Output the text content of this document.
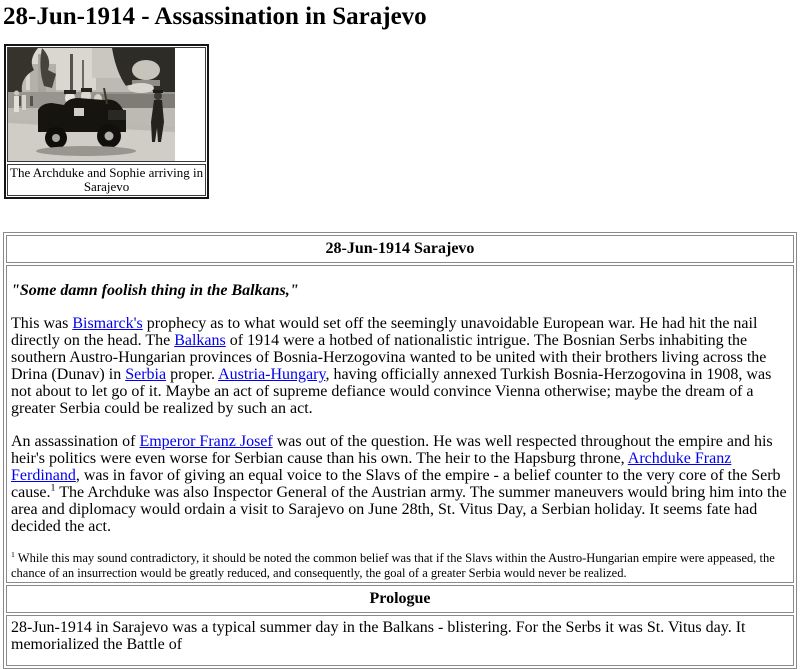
28-Jun-1914 - Assassination in Sarajevo
The Archduke and Sophie arriving in
Sarajevo
28-Jun-1914 Sarajevo

"Some damn foolish thing in the Balkans,"

This was Bismarck's prophecy as to what would set off the seemingly unavoidable European war. He had hit the nail directly on the head. The Balkans of 1914 were a hotbed of nationalistic intrigue. The Bosnian Serbs inhabiting the southern Austro-Hungarian provinces of Bosnia-Herzogovina wanted to be united with their brothers living across the Drina (Dunav) in Serbia proper. Austria-Hungary, having officially annexed Turkish Bosnia-Herzogovina in 1908, was not about to let go of it. Maybe an act of supreme defiance would convince Vienna otherwise; maybe the dream of a greater Serbia could be realized by such an act.

An assassination of Emperor Franz Josef was out of the question. He was well respected throughout the empire and his heir's politics were even worse for Serbian cause than his own. The heir to the Hapsburg throne, Archduke Franz Ferdinand, was in favor of giving an equal voice to the Slavs of the empire - a belief counter to the very core of the Serb cause.$^1$ The Archduke was also Inspector General of the Austrian army. The summer maneuvers would bring him into the area and diplomacy would ordain a visit to Sarajevo on June 28th, St. Vitus Day, a Serbian holiday. It seems fate had decided the act.

$^1$ While this may sound contradictory, it should be noted the common belief was that if the Slavs within the Austro-Hungarian empire were appeased, the chance of an insurrection would be greatly reduced, and consequently, the goal of a greater Serbia would never be realized.

Prologue

28-Jun-1914 in Sarajevo was a typical summer day in the Balkans - blistering. For the Serbs it was St. Vitus day. It memorialized the Battle of
